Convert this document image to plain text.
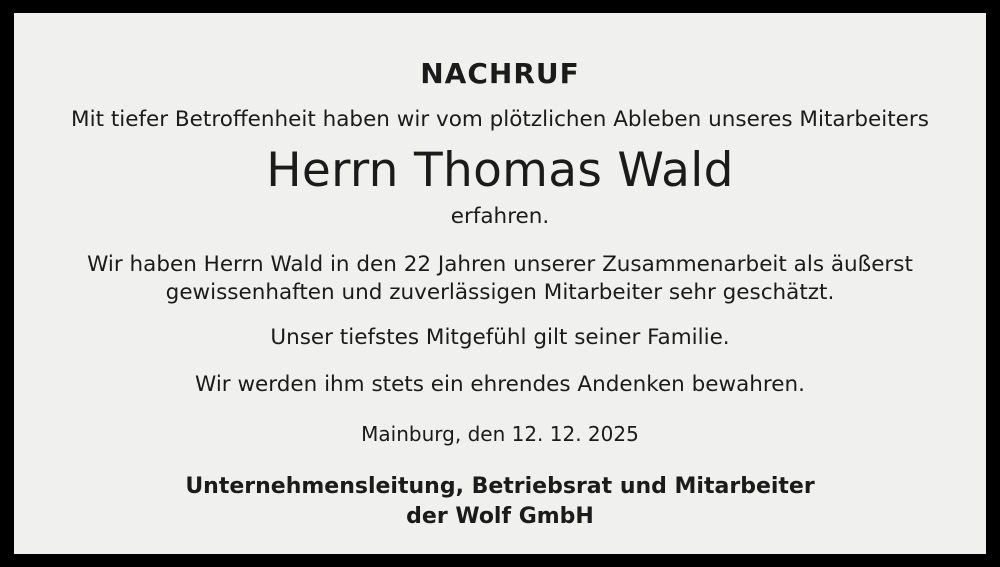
NACHRUF
Mit tiefer Betroffenheit haben wir vom plötzlichen Ableben unseres Mitarbeiters
Herrn Thomas Wald
erfahren.
Wir haben Herrn Wald in den 22 Jahren unserer Zusammenarbeit als äußerst
gewissenhaften und zuverlässigen Mitarbeiter sehr geschätzt.
Unser tiefstes Mitgefühl gilt seiner Familie.
Wir werden ihm stets ein ehrendes Andenken bewahren.
Mainburg, den 12. 12. 2025
Unternehmensleitung, Betriebsrat und Mitarbeiter
der Wolf GmbH
